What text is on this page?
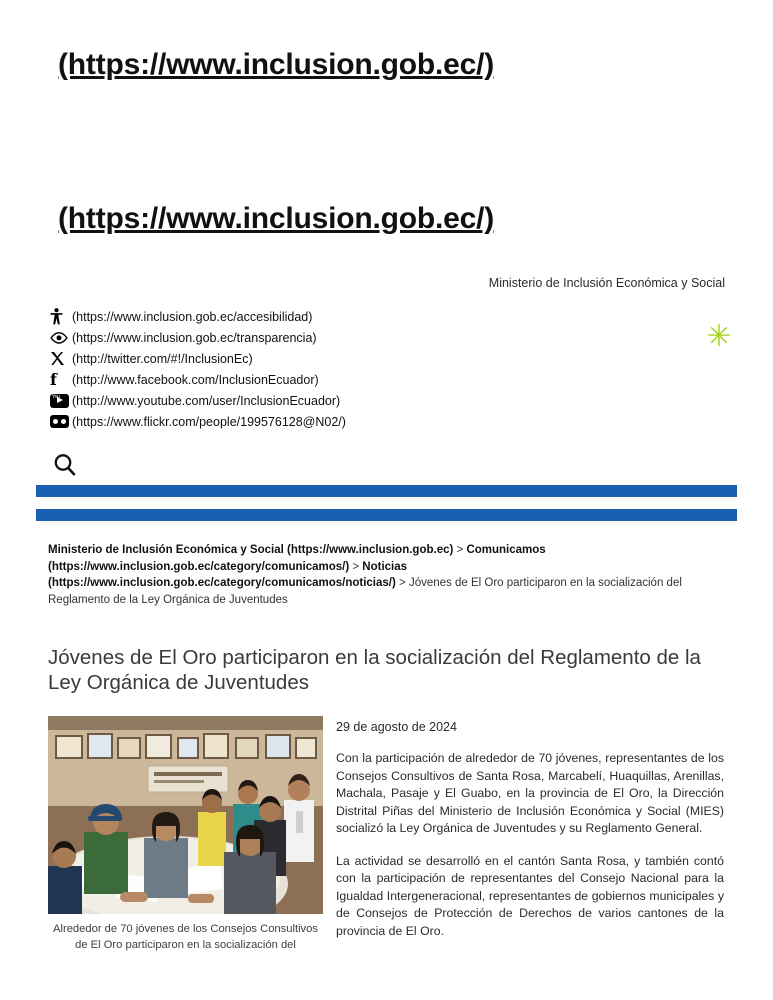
(https://www.inclusion.gob.ec/)
(https://www.inclusion.gob.ec/)
Ministerio de Inclusión Económica y Social
(https://www.inclusion.gob.ec/accesibilidad)
(https://www.inclusion.gob.ec/transparencia)
(http://twitter.com/#!/InclusionEc)
f	(http://www.facebook.com/InclusionEcuador)
You (http://www.youtube.com/user/InclusionEcuador)
(https://www.flickr.com/people/199576128@N02/)
✳
Ministerio de Inclusión Económica y Social (https://www.inclusion.gob.ec) > Comunicamos (https://www.inclusion.gob.ec/category/comunicamos/) > Noticias (https://www.inclusion.gob.ec/category/comunicamos/noticias/) > Jóvenes de El Oro participaron en la socialización del Reglamento de la Ley Orgánica de Juventudes
Jóvenes de El Oro participaron en la socialización del Reglamento de la Ley Orgánica de Juventudes
Alrededor de 70 jóvenes de los Consejos Consultivos de El Oro participaron en la socialización del

29 de agosto de 2024

Con la participación de alrededor de 70 jóvenes, representantes de los Consejos Consultivos de Santa Rosa, Marcabelí, Huaquillas, Arenillas, Machala, Pasaje y El Guabo, en la provincia de El Oro, la Dirección Distrital Piñas del Ministerio de Inclusión Económica y Social (MIES) socializó la Ley Orgánica de Juventudes y su Reglamento General.

La actividad se desarrolló en el cantón Santa Rosa, y también contó con la participación de representantes del Consejo Nacional para la Igualdad Intergeneracional, representantes de gobiernos municipales y de Consejos de Protección de Derechos de varios cantones de la provincia de El Oro.
